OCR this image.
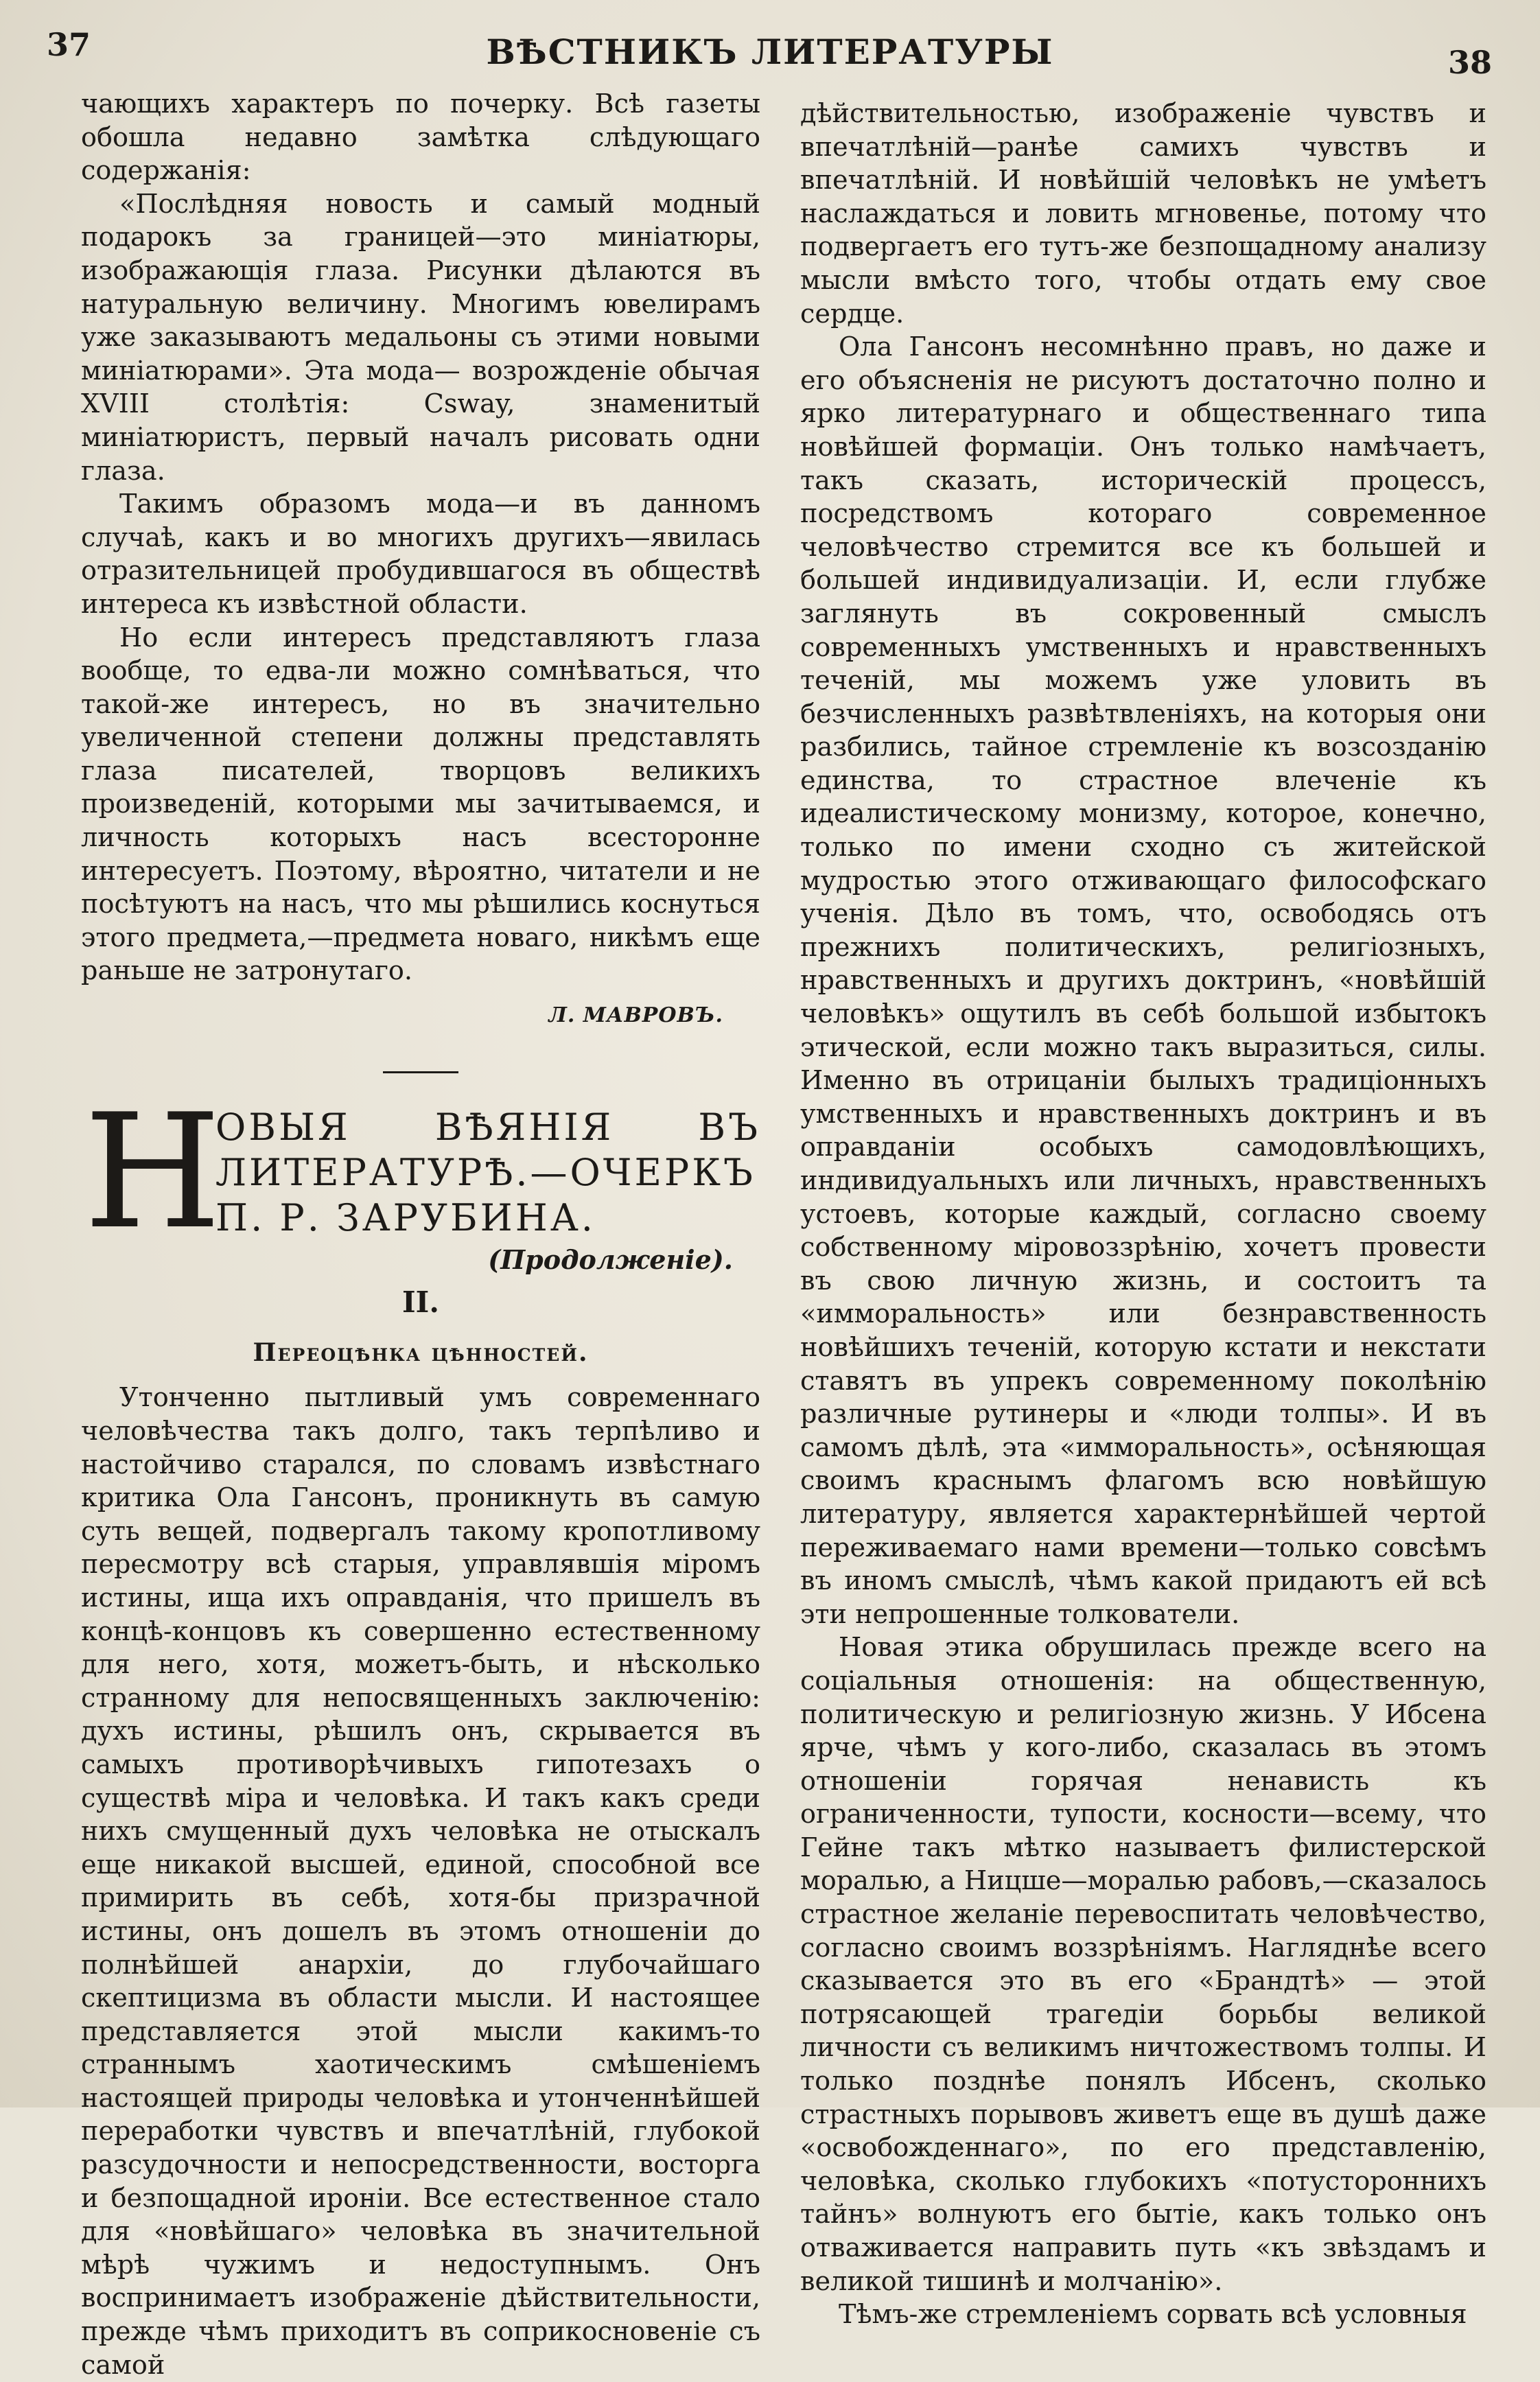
37	ВѢСТНИКЪ ЛИТЕРАТУРЫ	38

чающихъ характеръ по почерку. Всѣ газеты обошла недавно замѣтка слѣдующаго содержанія:

«Послѣдняя новость и самый модный подарокъ за границей—это миніатюры, изображающія глаза. Рисунки дѣлаются въ натуральную величину. Многимъ ювелирамъ уже заказываютъ медальоны съ этими новыми миніатюрами». Эта мода— возрожденіе обычая XVIII столѣтія: Csway, знаменитый миніатюристъ, первый началъ рисовать одни глаза.

Такимъ образомъ мода—и въ данномъ случаѣ, какъ и во многихъ другихъ—явилась отразительницей пробудившагося въ обществѣ интереса къ извѣстной области.

Но если интересъ представляютъ глаза вообще, то едва-ли можно сомнѣваться, что такой-же интересъ, но въ значительно увеличенной степени должны представлять глаза писателей, творцовъ великихъ произведеній, которыми мы зачитываемся, и личность которыхъ насъ всесторонне интересуетъ. Поэтому, вѣроятно, читатели и не посѣтуютъ на насъ, что мы рѣшились коснуться этого предмета,—предмета новаго, никѣмъ еще раньше не затронутаго.

Л. МАВРОВЪ.
Н
ОВЫЯ ВѢЯНІЯ ВЪ ЛИТЕРАТУРѢ.—ОЧЕРКЪ П. Р. ЗАРУБИНА.
(Продолженіе).
II.
Переоцѣнка цѣнностей.

Утонченно пытливый умъ современнаго человѣчества такъ долго, такъ терпѣливо и настойчиво старался, по словамъ извѣстнаго критика Ола Гансонъ, проникнуть въ самую суть вещей, подвергалъ такому кропотливому пересмотру всѣ старыя, управлявшія міромъ истины, ища ихъ оправданія, что пришелъ въ концѣ-концовъ къ совершенно естественному для него, хотя, можетъ-быть, и нѣсколько странному для непосвященныхъ заключенію: духъ истины, рѣшилъ онъ, скрывается въ самыхъ противорѣчивыхъ гипотезахъ о существѣ міра и человѣка. И такъ какъ среди нихъ смущенный духъ человѣка не отыскалъ еще никакой высшей, единой, способной все примирить въ себѣ, хотя-бы призрачной истины, онъ дошелъ въ этомъ отношеніи до полнѣйшей анархіи, до глубочайшаго скептицизма въ области мысли. И настоящее представляется этой мысли какимъ-то страннымъ хаотическимъ смѣшеніемъ настоящей природы человѣка и утонченнѣйшей переработки чувствъ и впечатлѣній, глубокой разсудочности и непосредственности, восторга и безпощадной ироніи. Все естественное стало для «новѣйшаго» человѣка въ значительной мѣрѣ чужимъ и недоступнымъ. Онъ воспринимаетъ изображеніе дѣйствительности, прежде чѣмъ приходитъ въ соприкосновеніе съ самой

дѣйствительностью, изображеніе чувствъ и впечатлѣній—ранѣе самихъ чувствъ и впечатлѣній. И новѣйшій человѣкъ не умѣетъ наслаждаться и ловить мгновенье, потому что подвергаетъ его тутъ-же безпощадному анализу мысли вмѣсто того, чтобы отдать ему свое сердце.

Ола Гансонъ несомнѣнно правъ, но даже и его объясненія не рисуютъ достаточно полно и ярко литературнаго и общественнаго типа новѣйшей формаціи. Онъ только намѣчаетъ, такъ сказать, историческій процессъ, посредствомъ котораго современное человѣчество стремится все къ большей и большей индивидуализаціи. И, если глубже заглянуть въ сокровенный смыслъ современныхъ умственныхъ и нравственныхъ теченій, мы можемъ уже уловить въ безчисленныхъ развѣтвленіяхъ, на которыя они разбились, тайное стремленіе къ возсозданію единства, то страстное влеченіе къ идеалистическому монизму, которое, конечно, только по имени сходно съ житейской мудростью этого отживающаго философскаго ученія. Дѣло въ томъ, что, освободясь отъ прежнихъ политическихъ, религіозныхъ, нравственныхъ и другихъ доктринъ, «новѣйшій человѣкъ» ощутилъ въ себѣ большой избытокъ этической, если можно такъ выразиться, силы. Именно въ отрицаніи былыхъ традиціонныхъ умственныхъ и нравственныхъ доктринъ и въ оправданіи особыхъ самодовлѣющихъ, индивидуальныхъ или личныхъ, нравственныхъ устоевъ, которые каждый, согласно своему собственному міровоззрѣнію, хочетъ провести въ свою личную жизнь, и состоитъ та «имморальность» или безнравственность новѣйшихъ теченій, которую кстати и некстати ставятъ въ упрекъ современному поколѣнію различные рутинеры и «люди толпы». И въ самомъ дѣлѣ, эта «имморальность», осѣняющая своимъ краснымъ флагомъ всю новѣйшую литературу, является характернѣйшей чертой переживаемаго нами времени—только совсѣмъ въ иномъ смыслѣ, чѣмъ какой придаютъ ей всѣ эти непрошенные толкователи.

Новая этика обрушилась прежде всего на соціальныя отношенія: на общественную, политическую и религіозную жизнь. У Ибсена ярче, чѣмъ у кого-либо, сказалась въ этомъ отношеніи горячая ненависть къ ограниченности, тупости, косности—всему, что Гейне такъ мѣтко называетъ филистерской моралью, а Ницше—моралью рабовъ,—сказалось страстное желаніе перевоспитать человѣчество, согласно своимъ воззрѣніямъ. Нагляднѣе всего сказывается это въ его «Брандтѣ» — этой потрясающей трагедіи борьбы великой личности съ великимъ ничтожествомъ толпы. И только позднѣе понялъ Ибсенъ, сколько страстныхъ порывовъ живетъ еще въ душѣ даже «освобожденнаго», по его представленію, человѣка, сколько глубокихъ «потустороннихъ тайнъ» волнуютъ его бытіе, какъ только онъ отваживается направить путь «къ звѣздамъ и великой тишинѣ и молчанію».

Тѣмъ-же стремленіемъ сорвать всѣ условныя
